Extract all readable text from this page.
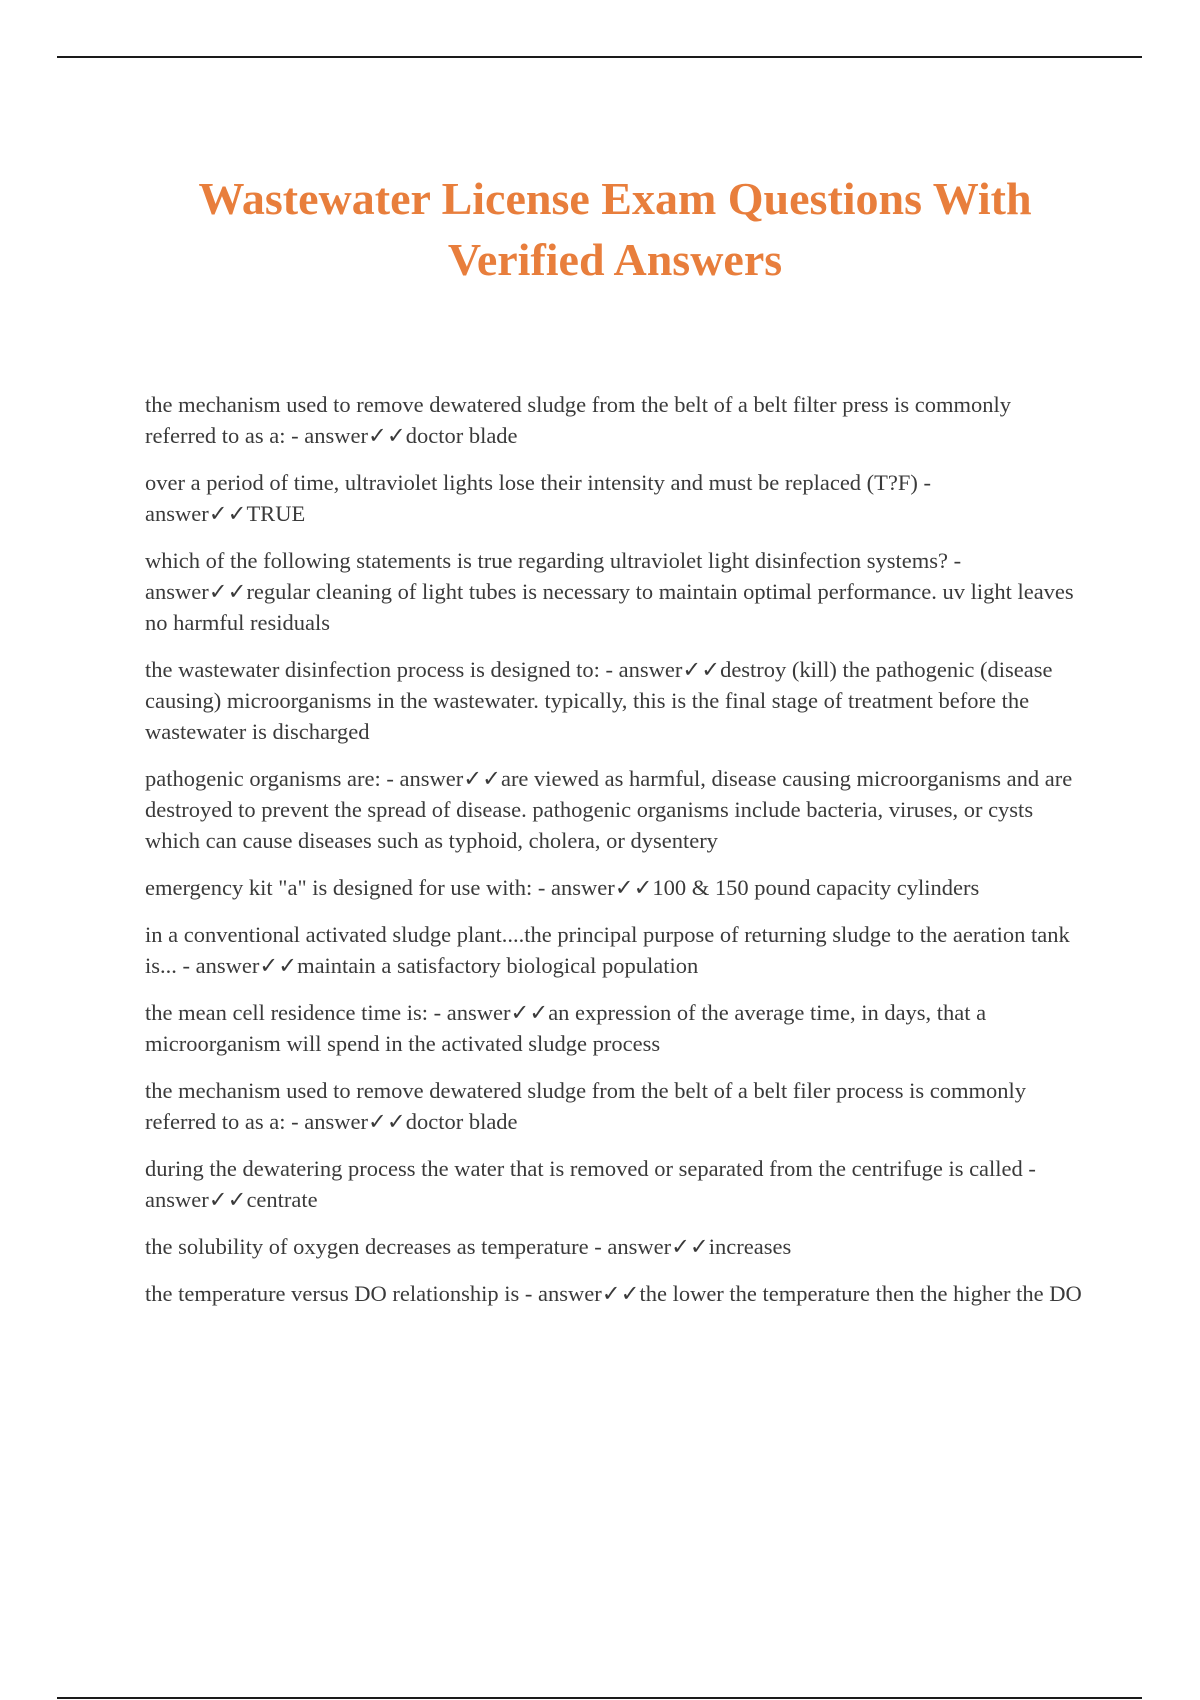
Wastewater License Exam Questions With Verified Answers
the mechanism used to remove dewatered sludge from the belt of a belt filter press is commonly referred to as a: - answer✓✓doctor blade
over a period of time, ultraviolet lights lose their intensity and must be replaced (T?F) - answer✓✓TRUE
which of the following statements is true regarding ultraviolet light disinfection systems? - answer✓✓regular cleaning of light tubes is necessary to maintain optimal performance. uv light leaves no harmful residuals
the wastewater disinfection process is designed to: - answer✓✓destroy (kill) the pathogenic (disease causing) microorganisms in the wastewater. typically, this is the final stage of treatment before the wastewater is discharged
pathogenic organisms are: - answer✓✓are viewed as harmful, disease causing microorganisms and are destroyed to prevent the spread of disease. pathogenic organisms include bacteria, viruses, or cysts which can cause diseases such as typhoid, cholera, or dysentery
emergency kit "a" is designed for use with: - answer✓✓100 & 150 pound capacity cylinders
in a conventional activated sludge plant....the principal purpose of returning sludge to the aeration tank is... - answer✓✓maintain a satisfactory biological population
the mean cell residence time is: - answer✓✓an expression of the average time, in days, that a microorganism will spend in the activated sludge process
the mechanism used to remove dewatered sludge from the belt of a belt filer process is commonly referred to as a: - answer✓✓doctor blade
during the dewatering process the water that is removed or separated from the centrifuge is called - answer✓✓centrate
the solubility of oxygen decreases as temperature - answer✓✓increases
the temperature versus DO relationship is - answer✓✓the lower the temperature then the higher the DO
